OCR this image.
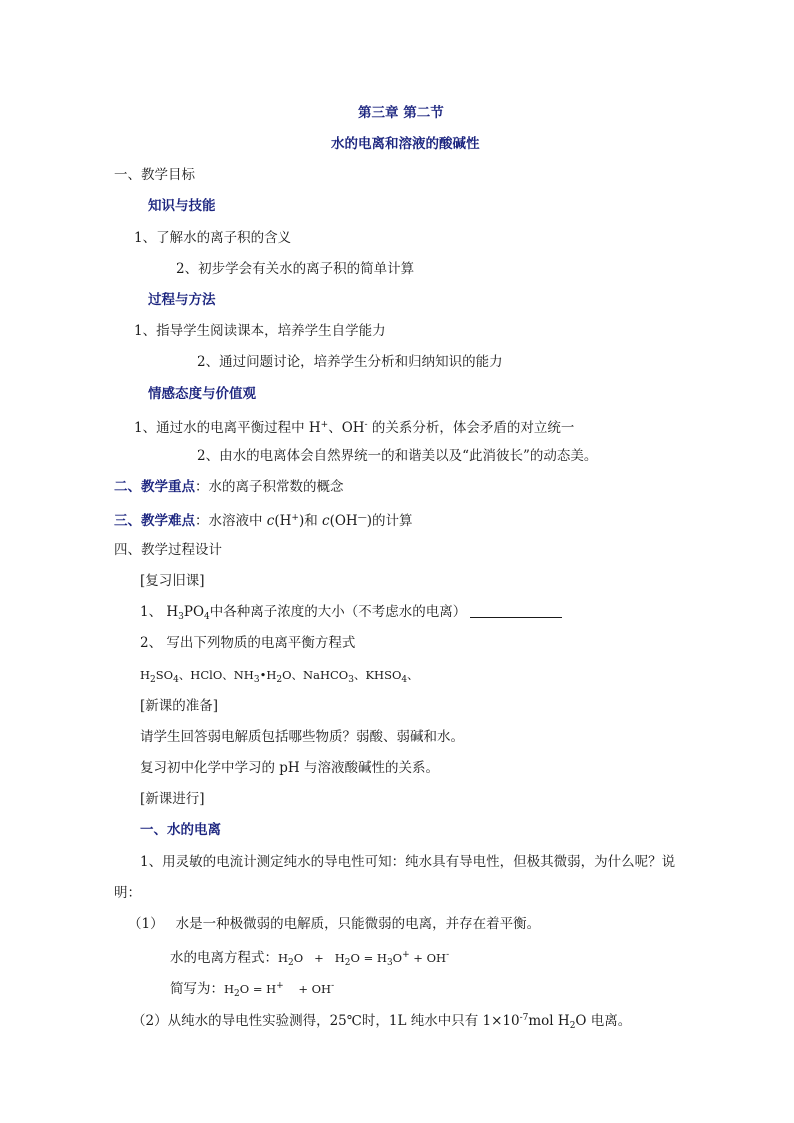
第三章 第二节
水的电离和溶液的酸碱性
一、教学目标
知识与技能
1、了解水的离子积的含义
2、初步学会有关水的离子积的简单计算
过程与方法
1、指导学生阅读课本，培养学生自学能力
2、通过问题讨论，培养学生分析和归纳知识的能力
情感态度与价值观
1、通过水的电离平衡过程中 H+、OH- 的关系分析，体会矛盾的对立统一
2、由水的电离体会自然界统一的和谐美以及“此消彼长”的动态美。
二、教学重点：水的离子积常数的概念
三、教学难点：水溶液中 c(H+)和 c(OH—)的计算
四、教学过程设计
[复习旧课]
1、 $H_3PO_4$中各种离子浓度的大小（不考虑水的电离）
2、 写出下列物质的电离平衡方程式
$H_2SO_4$、HClO、$NH_3•H_2O$、NaHCO$_3$、$KHSO_4$、
[新课的准备]
请学生回答弱电解质包括哪些物质？弱酸、弱碱和水。
复习初中化学中学习的 pH 与溶液酸碱性的关系。
[新课进行]
一、水的电离
1、用灵敏的电流计测定纯水的导电性可知：纯水具有导电性，但极其微弱，为什么呢？说
明：
（1） 水是一种极微弱的电解质，只能微弱的电离，并存在着平衡。
水的电离方程式：$H_2O + H_2O = H_3O^+ + OH^-$
简写为：$H_2O = H^+$    + OH-
（2）从纯水的导电性实验测得，25℃时，1L 纯水中只有 $1\times 10^{-7}mol$ $H_2O$ 电离。
